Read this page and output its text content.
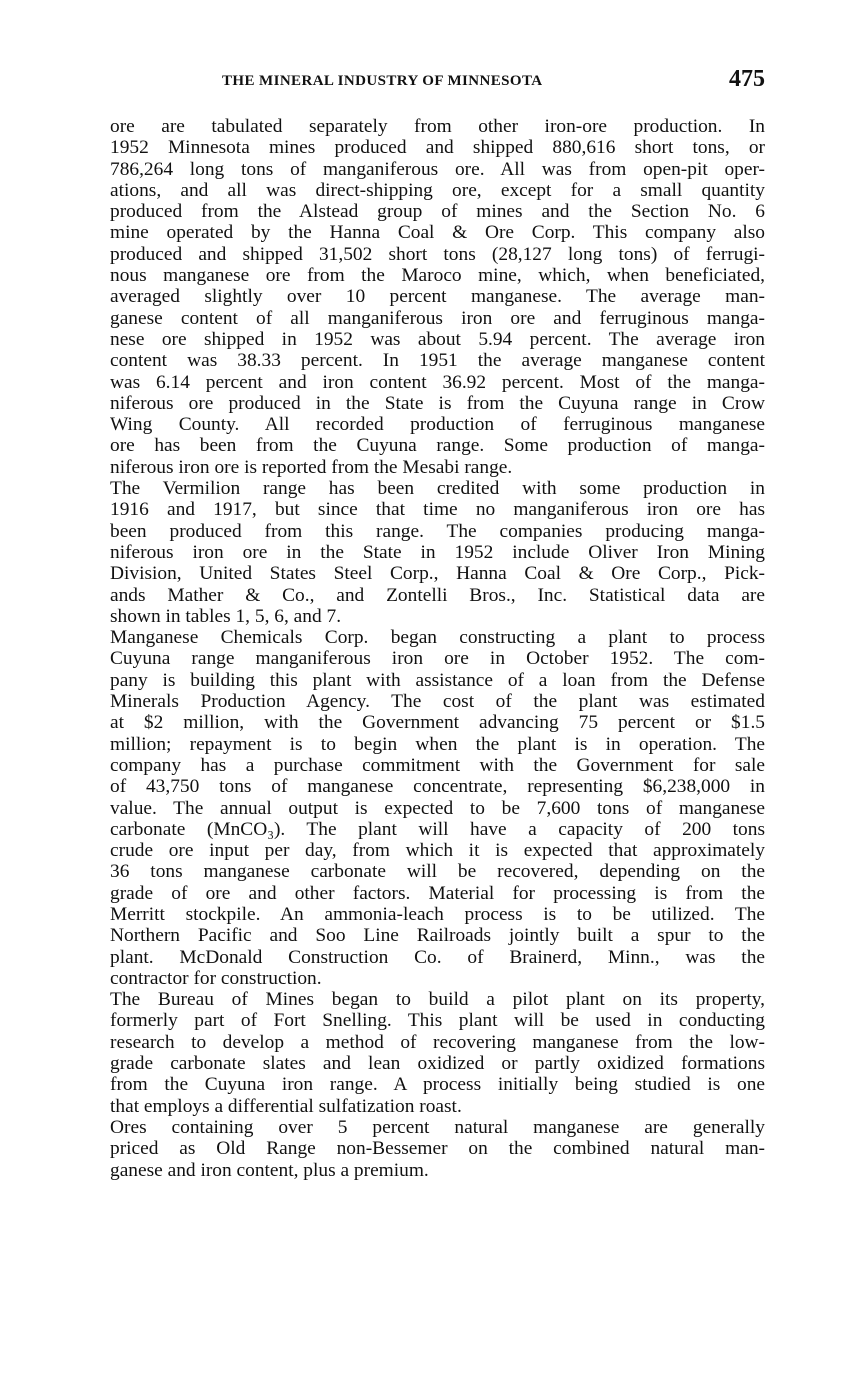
THE MINERAL INDUSTRY OF MINNESOTA	475

ore are tabulated separately from other iron-ore production. In
1952 Minnesota mines produced and shipped 880,616 short tons, or
786,264 long tons of manganiferous ore. All was from open-pit oper-
ations, and all was direct-shipping ore, except for a small quantity
produced from the Alstead group of mines and the Section No. 6
mine operated by the Hanna Coal & Ore Corp. This company also
produced and shipped 31,502 short tons (28,127 long tons) of ferrugi-
nous manganese ore from the Maroco mine, which, when beneficiated,
averaged slightly over 10 percent manganese. The average man-
ganese content of all manganiferous iron ore and ferruginous manga-
nese ore shipped in 1952 was about 5.94 percent. The average iron
content was 38.33 percent. In 1951 the average manganese content
was 6.14 percent and iron content 36.92 percent. Most of the manga-
niferous ore produced in the State is from the Cuyuna range in Crow
Wing County. All recorded production of ferruginous manganese
ore has been from the Cuyuna range. Some production of manga-
niferous iron ore is reported from the Mesabi range.

The Vermilion range has been credited with some production in
1916 and 1917, but since that time no manganiferous iron ore has
been produced from this range. The companies producing manga-
niferous iron ore in the State in 1952 include Oliver Iron Mining
Division, United States Steel Corp., Hanna Coal & Ore Corp., Pick-
ands Mather & Co., and Zontelli Bros., Inc. Statistical data are
shown in tables 1, 5, 6, and 7.

Manganese Chemicals Corp. began constructing a plant to process
Cuyuna range manganiferous iron ore in October 1952. The com-
pany is building this plant with assistance of a loan from the Defense
Minerals Production Agency. The cost of the plant was estimated
at $2 million, with the Government advancing 75 percent or $1.5
million; repayment is to begin when the plant is in operation. The
company has a purchase commitment with the Government for sale
of 43,750 tons of manganese concentrate, representing $6,238,000 in
value. The annual output is expected to be 7,600 tons of manganese
carbonate (MnCO₃). The plant will have a capacity of 200 tons
crude ore input per day, from which it is expected that approximately
36 tons manganese carbonate will be recovered, depending on the
grade of ore and other factors. Material for processing is from the
Merritt stockpile. An ammonia-leach process is to be utilized. The
Northern Pacific and Soo Line Railroads jointly built a spur to the
plant. McDonald Construction Co. of Brainerd, Minn., was the
contractor for construction.

The Bureau of Mines began to build a pilot plant on its property,
formerly part of Fort Snelling. This plant will be used in conducting
research to develop a method of recovering manganese from the low-
grade carbonate slates and lean oxidized or partly oxidized formations
from the Cuyuna iron range. A process initially being studied is one
that employs a differential sulfatization roast.

Ores containing over 5 percent natural manganese are generally
priced as Old Range non-Bessemer on the combined natural man-
ganese and iron content, plus a premium.
